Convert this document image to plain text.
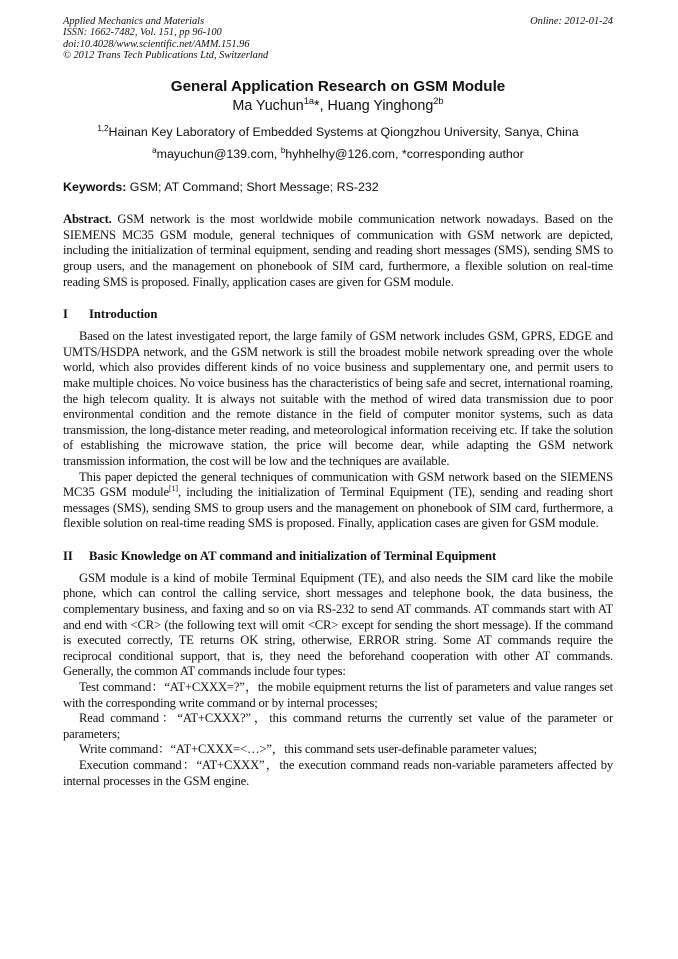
Applied Mechanics and Materials
ISSN: 1662-7482, Vol. 151, pp 96-100
doi:10.4028/www.scientific.net/AMM.151.96
© 2012 Trans Tech Publications Ltd, Switzerland
Online: 2012-01-24
General Application Research on GSM Module
Ma Yuchun$^{1a}$*, Huang Yinghong$^{2b}$
$^{1,2}$Hainan Key Laboratory of Embedded Systems at Qiongzhou University, Sanya, China
$^a$mayuchun@139.com, $^b$hyhhelhy@126.com, *corresponding author
Keywords: GSM; AT Command; Short Message; RS-232

Abstract. GSM network is the most worldwide mobile communication network nowadays. Based on the SIEMENS MC35 GSM module, general techniques of communication with GSM network are depicted, including the initialization of terminal equipment, sending and reading short messages (SMS), sending SMS to group users, and the management on phonebook of SIM card, furthermore, a flexible solution on real-time reading SMS is proposed. Finally, application cases are given for GSM module.

I Introduction

Based on the latest investigated report, the large family of GSM network includes GSM, GPRS, EDGE and UMTS/HSDPA network, and the GSM network is still the broadest mobile network spreading over the whole world, which also provides different kinds of no voice business and supplementary one, and permit users to make multiple choices. No voice business has the characteristics of being safe and secret, international roaming, the high telecom quality. It is always not suitable with the method of wired data transmission due to poor environmental condition and the remote distance in the field of computer monitor systems, such as data transmission, the long-distance meter reading, and meteorological information receiving etc. If take the solution of establishing the microwave station, the price will become dear, while adapting the GSM network transmission information, the cost will be low and the techniques are available.

This paper depicted the general techniques of communication with GSM network based on the SIEMENS MC35 GSM module[1], including the initialization of Terminal Equipment (TE), sending and reading short messages (SMS), sending SMS to group users and the management on phonebook of SIM card, furthermore, a flexible solution on real-time reading SMS is proposed. Finally, application cases are given for GSM module.

II Basic Knowledge on AT command and initialization of Terminal Equipment

GSM module is a kind of mobile Terminal Equipment (TE), and also needs the SIM card like the mobile phone, which can control the calling service, short messages and telephone book, the data business, the complementary business, and faxing and so on via RS-232 to send AT commands. AT commands start with AT and end with <CR> (the following text will omit <CR> except for sending the short message). If the command is executed correctly, TE returns OK string, otherwise, ERROR string. Some AT commands require the reciprocal conditional support, that is, they need the beforehand cooperation with other AT commands. Generally, the common AT commands include four types:

Test command：“AT+CXXX=?”，the mobile equipment returns the list of parameters and value ranges set with the corresponding write command or by internal processes;

Read command：“AT+CXXX?”，this command returns the currently set value of the parameter or parameters;

Write command：“AT+CXXX=<…>”，this command sets user-definable parameter values;

Execution command：“AT+CXXX”，the execution command reads non-variable parameters affected by internal processes in the GSM engine.
